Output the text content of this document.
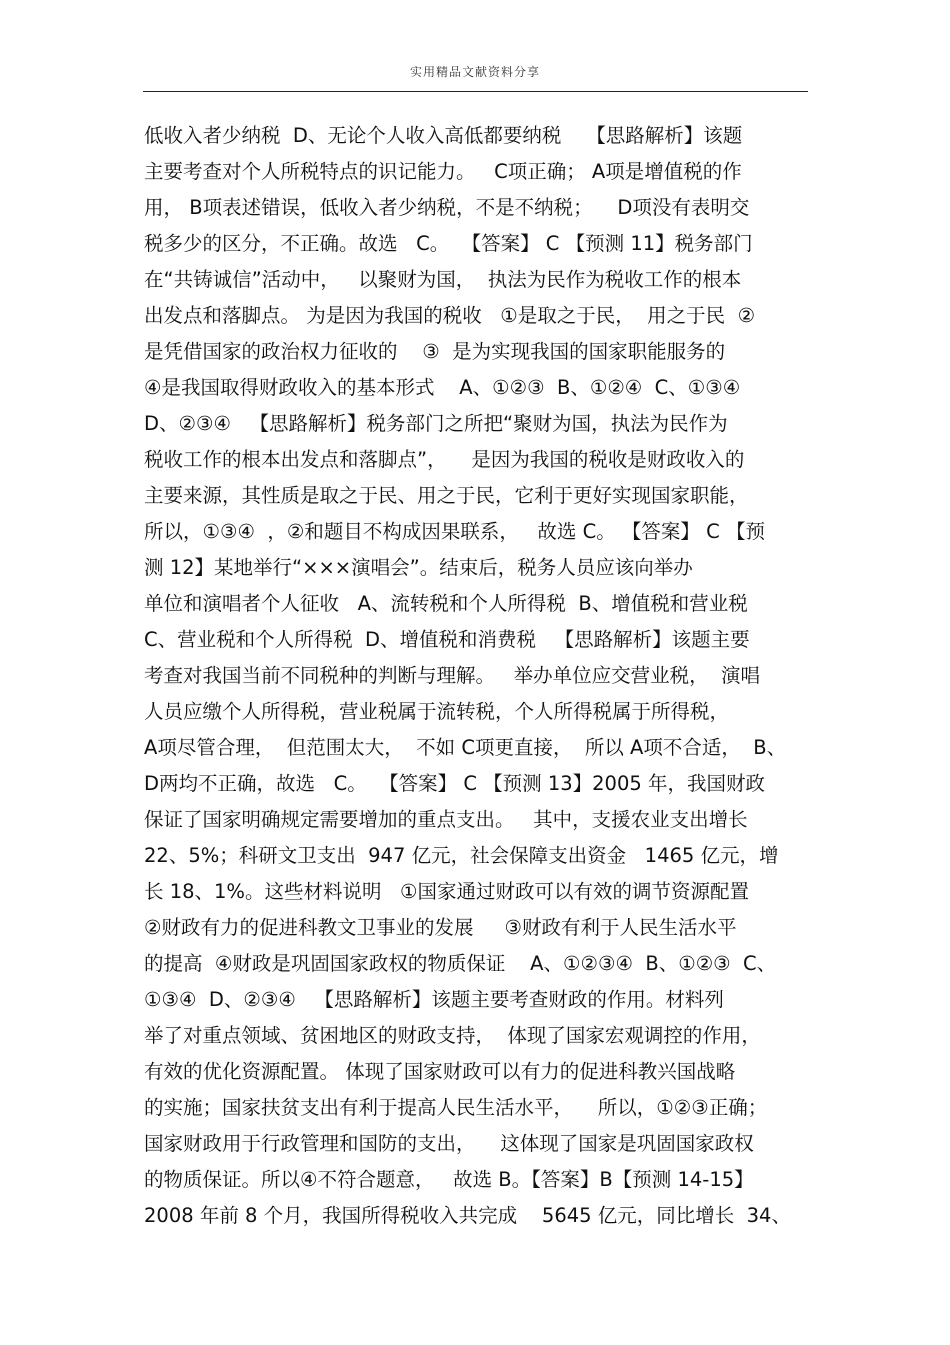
实用精品文献资料分享
低收入者少纳税  D、无论个人收入高低都要纳税    【思路解析】该题
主要考查对个人所税特点的识记能力。   C项正确； A项是增值税的作
用， B项表述错误，低收入者少纳税，不是不纳税；    D项没有表明交
税多少的区分，不正确。故选   C。  【答案】 C 【预测 11】税务部门
在“共铸诚信”活动中，   以聚财为国，  执法为民作为税收工作的根本
出发点和落脚点。 为是因为我国的税收   ①是取之于民，  用之于民  ②
是凭借国家的政治权力征收的    ③  是为实现我国的国家职能服务的
④是我国取得财政收入的基本形式    A、①②③  B、①②④  C、①③④
D、②③④   【思路解析】税务部门之所把“聚财为国，执法为民作为
税收工作的根本出发点和落脚点”，    是因为我国的税收是财政收入的
主要来源，其性质是取之于民、用之于民，它利于更好实现国家职能，
所以，①③④  ，②和题目不构成因果联系，   故选 C。 【答案】 C 【预
测 12】某地举行“×××演唱会”。结束后，税务人员应该向举办
单位和演唱者个人征收   A、流转税和个人所得税  B、增值税和营业税
C、营业税和个人所得税  D、增值税和消费税   【思路解析】该题主要
考查对我国当前不同税种的判断与理解。   举办单位应交营业税，  演唱
人员应缴个人所得税，营业税属于流转税，个人所得税属于所得税，
A项尽管合理，  但范围太大，  不如 C项更直接，  所以 A项不合适，  B、
D两均不正确，故选   C。  【答案】 C 【预测 13】2005 年，我国财政
保证了国家明确规定需要增加的重点支出。   其中，支援农业支出增长
22、5%；科研文卫支出  947 亿元，社会保障支出资金   1465 亿元，增
长 18、1%。这些材料说明   ①国家通过财政可以有效的调节资源配置
②财政有力的促进科教文卫事业的发展     ③财政有利于人民生活水平
的提高  ④财政是巩固国家政权的物质保证    A、①②③④  B、①②③  C、
①③④  D、②③④   【思路解析】该题主要考查财政的作用。材料列
举了对重点领域、贫困地区的财政支持，  体现了国家宏观调控的作用，
有效的优化资源配置。 体现了国家财政可以有力的促进科教兴国战略
的实施；国家扶贫支出有利于提高人民生活水平，    所以，①②③正确；
国家财政用于行政管理和国防的支出，    这体现了国家是巩固国家政权
的物质保证。所以④不符合题意，   故选 B。【答案】B【预测 14-15】
2008 年前 8 个月，我国所得税收入共完成    5645 亿元，同比增长  34、
